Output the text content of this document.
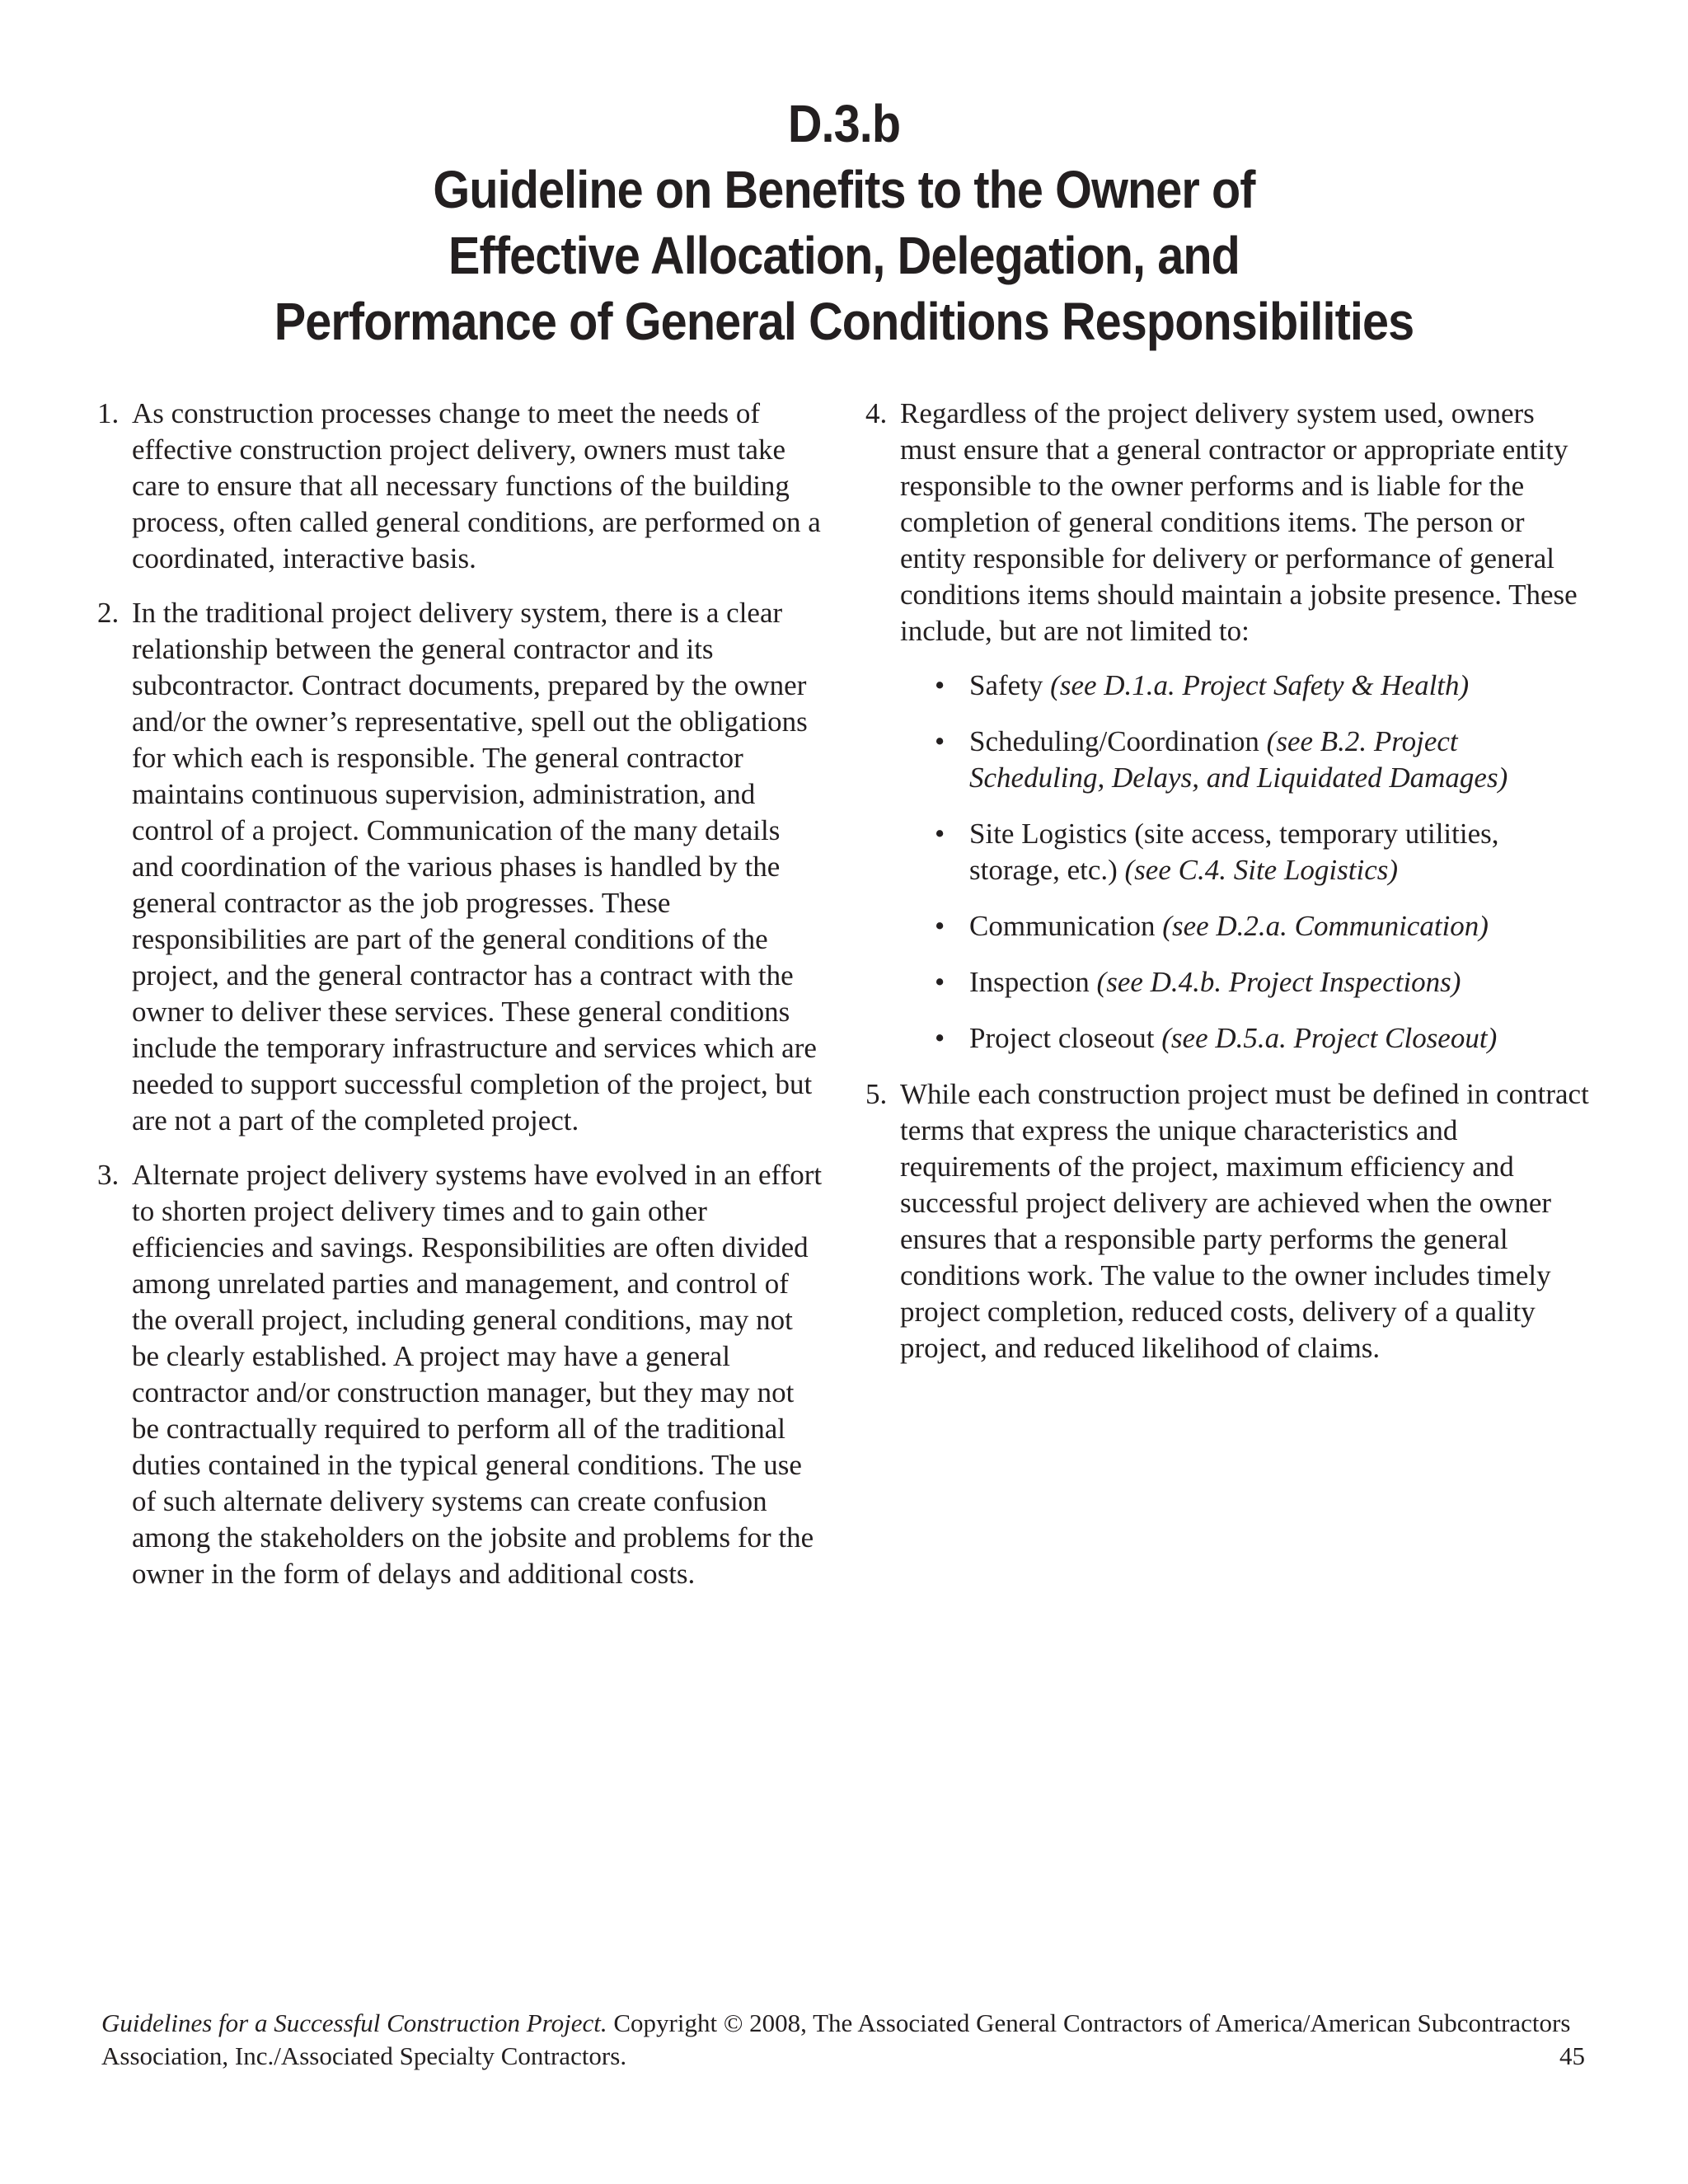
D.3.b
Guideline on Benefits to the Owner of
Effective Allocation, Delegation, and
Performance of General Conditions Responsibilities
1. As construction processes change to meet the needs of effective construction project delivery, owners must take care to ensure that all necessary functions of the building process, often called general conditions, are performed on a coordinated, interactive basis.
2. In the traditional project delivery system, there is a clear relationship between the general contractor and its subcontractor. Contract documents, prepared by the owner and/or the owner’s representative, spell out the obligations for which each is responsible. The general contractor maintains continuous supervision, administration, and control of a project. Communication of the many details and coordination of the various phases is handled by the general contractor as the job progresses. These responsibilities are part of the general conditions of the project, and the general contractor has a contract with the owner to deliver these services. These general conditions include the temporary infrastructure and services which are needed to support successful completion of the project, but are not a part of the completed project.
3. Alternate project delivery systems have evolved in an effort to shorten project delivery times and to gain other efficiencies and savings. Responsibilities are often divided among unrelated parties and management, and control of the overall project, including general conditions, may not be clearly established. A project may have a general contractor and/or construction manager, but they may not be contractually required to perform all of the traditional duties contained in the typical general conditions. The use of such alternate delivery systems can create confusion among the stakeholders on the jobsite and problems for the owner in the form of delays and additional costs.
4. Regardless of the project delivery system used, owners must ensure that a general contractor or appropriate entity responsible to the owner performs and is liable for the completion of general conditions items. The person or entity responsible for delivery or performance of general conditions items should maintain a jobsite presence. These include, but are not limited to:
• Safety (see D.1.a. Project Safety & Health)
• Scheduling/Coordination (see B.2. Project Scheduling, Delays, and Liquidated Damages)
• Site Logistics (site access, temporary utilities, storage, etc.) (see C.4. Site Logistics)
• Communication (see D.2.a. Communication)
• Inspection (see D.4.b. Project Inspections)
• Project closeout (see D.5.a. Project Closeout)
5. While each construction project must be defined in contract terms that express the unique characteristics and requirements of the project, maximum efficiency and successful project delivery are achieved when the owner ensures that a responsible party performs the general conditions work. The value to the owner includes timely project completion, reduced costs, delivery of a quality project, and reduced likelihood of claims.
Guidelines for a Successful Construction Project. Copyright © 2008, The Associated General Contractors of America/American Subcontractors Association, Inc./Associated Specialty Contractors.	45
